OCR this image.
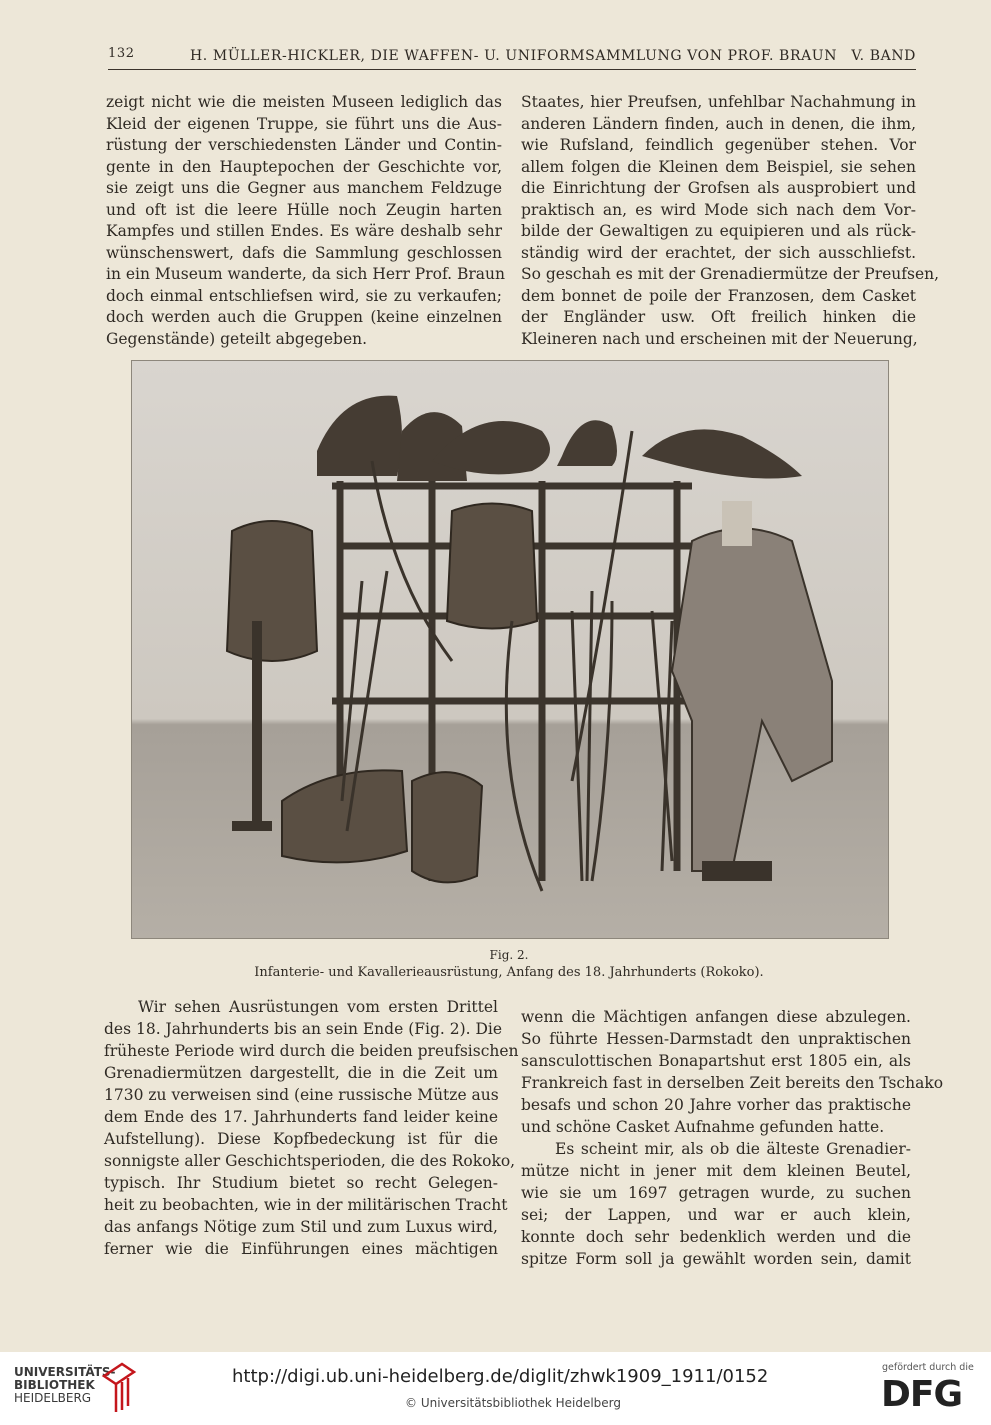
132	H. MÜLLER-HICKLER, DIE WAFFEN- U. UNIFORMSAMMLUNG VON PROF. BRAUN V. BAND
zeigt nicht wie die meisten Museen lediglich das
Kleid der eigenen Truppe, sie führt uns die Aus-
rüstung der verschiedensten Länder und Contin-
gente in den Hauptepochen der Geschichte vor,
sie zeigt uns die Gegner aus manchem Feldzuge
und oft ist die leere Hülle noch Zeugin harten
Kampfes und stillen Endes. Es wäre deshalb sehr
wünschenswert, dafs die Sammlung geschlossen
in ein Museum wanderte, da sich Herr Prof. Braun
doch einmal entschliefsen wird, sie zu verkaufen;
doch werden auch die Gruppen (keine einzelnen
Gegenstände) geteilt abgegeben.
Staates, hier Preufsen, unfehlbar Nachahmung in
anderen Ländern finden, auch in denen, die ihm,
wie Rufsland, feindlich gegenüber stehen. Vor
allem folgen die Kleinen dem Beispiel, sie sehen
die Einrichtung der Grofsen als ausprobiert und
praktisch an, es wird Mode sich nach dem Vor-
bilde der Gewaltigen zu equipieren und als rück-
ständig wird der erachtet, der sich ausschliefst.
So geschah es mit der Grenadiermütze der Preufsen,
dem bonnet de poile der Franzosen, dem Casket
der Engländer usw. Oft freilich hinken die
Kleineren nach und erscheinen mit der Neuerung,
Fig. 2.
Infanterie- und Kavallerieausrüstung, Anfang des 18. Jahrhunderts (Rokoko).
Wir sehen Ausrüstungen vom ersten Drittel
des 18. Jahrhunderts bis an sein Ende (Fig. 2). Die
früheste Periode wird durch die beiden preufsischen
Grenadiermützen dargestellt, die in die Zeit um
1730 zu verweisen sind (eine russische Mütze aus
dem Ende des 17. Jahrhunderts fand leider keine
Aufstellung). Diese Kopfbedeckung ist für die
sonnigste aller Geschichtsperioden, die des Rokoko,
typisch. Ihr Studium bietet so recht Gelegen-
heit zu beobachten, wie in der militärischen Tracht
das anfangs Nötige zum Stil und zum Luxus wird,
ferner wie die Einführungen eines mächtigen
wenn die Mächtigen anfangen diese abzulegen.
So führte Hessen-Darmstadt den unpraktischen
sansculottischen Bonapartshut erst 1805 ein, als
Frankreich fast in derselben Zeit bereits den Tschako
besafs und schon 20 Jahre vorher das praktische
und schöne Casket Aufnahme gefunden hatte.
Es scheint mir, als ob die älteste Grenadier-
mütze nicht in jener mit dem kleinen Beutel,
wie sie um 1697 getragen wurde, zu suchen
sei; der Lappen, und war er auch klein,
konnte doch sehr bedenklich werden und die
spitze Form soll ja gewählt worden sein, damit
UNIVERSITÄTS-
BIBLIOTHEK
HEIDELBERG
http://digi.ub.uni-heidelberg.de/diglit/zhwk1909_1911/0152
© Universitätsbibliothek Heidelberg
gefördert durch die
DFG
